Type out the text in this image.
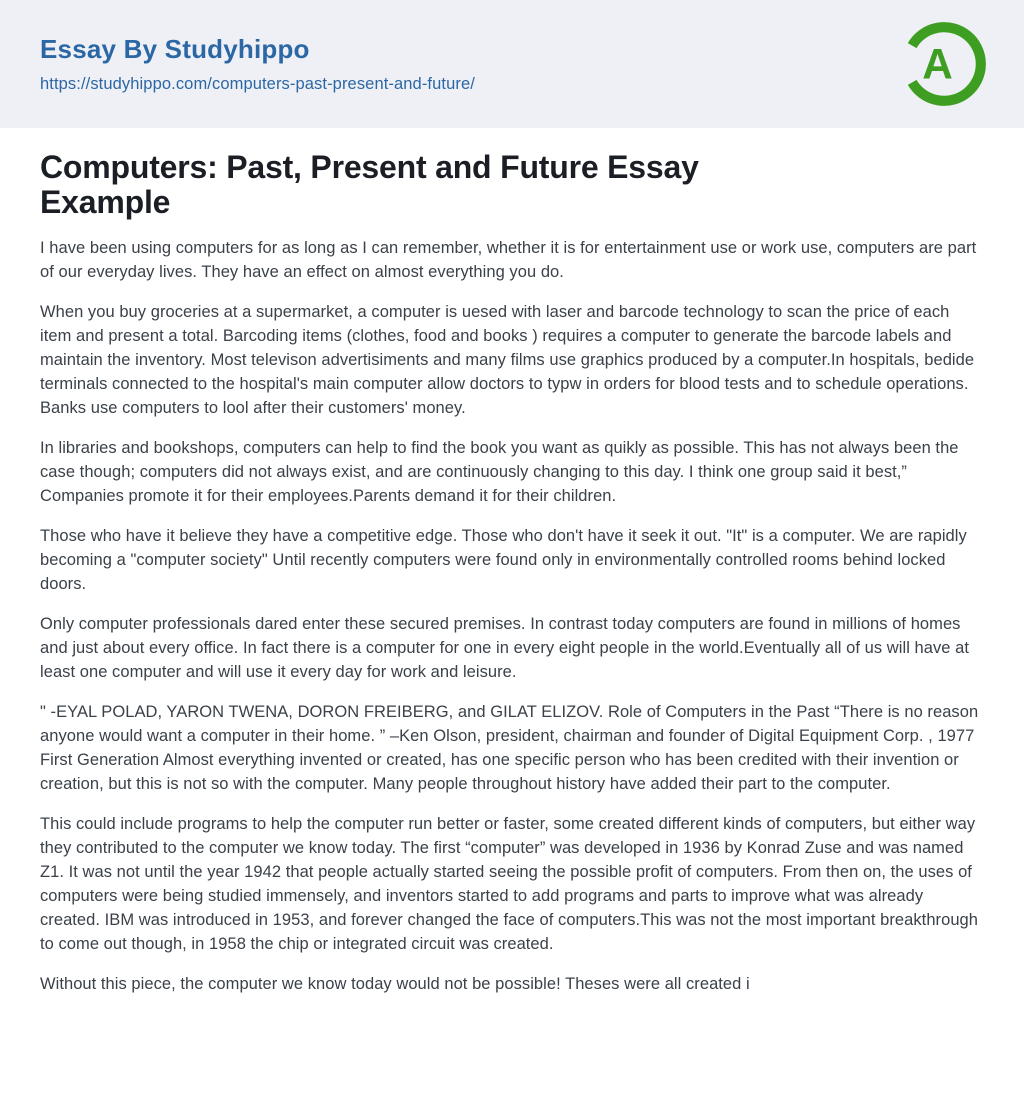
Essay By Studyhippo
https://studyhippo.com/computers-past-present-and-future/	A
Computers: Past, Present and Future Essay Example

I have been using computers for as long as I can remember, whether it is for entertainment use or work use, computers are part of our everyday lives. They have an effect on almost everything you do.

When you buy groceries at a supermarket, a computer is uesed with laser and barcode technology to scan the price of each item and present a total. Barcoding items (clothes, food and books ) requires a computer to generate the barcode labels and maintain the inventory. Most televison advertisiments and many films use graphics produced by a computer.In hospitals, bedide terminals connected to the hospital's main computer allow doctors to typw in orders for blood tests and to schedule operations. Banks use computers to lool after their customers' money.

In libraries and bookshops, computers can help to find the book you want as quikly as possible. This has not always been the case though; computers did not always exist, and are continuously changing to this day. I think one group said it best,” Companies promote it for their employees.Parents demand it for their children.

Those who have it believe they have a competitive edge. Those who don't have it seek it out. "It" is a computer. We are rapidly becoming a "computer society" Until recently computers were found only in environmentally controlled rooms behind locked doors.

Only computer professionals dared enter these secured premises. In contrast today computers are found in millions of homes and just about every office. In fact there is a computer for one in every eight people in the world.Eventually all of us will have at least one computer and will use it every day for work and leisure.

" -EYAL POLAD, YARON TWENA, DORON FREIBERG, and GILAT ELIZOV. Role of Computers in the Past “There is no reason anyone would want a computer in their home. ” –Ken Olson, president, chairman and founder of Digital Equipment Corp. , 1977 First Generation Almost everything invented or created, has one specific person who has been credited with their invention or creation, but this is not so with the computer. Many people throughout history have added their part to the computer.

This could include programs to help the computer run better or faster, some created different kinds of computers, but either way they contributed to the computer we know today. The first “computer” was developed in 1936 by Konrad Zuse and was named Z1. It was not until the year 1942 that people actually started seeing the possible profit of computers. From then on, the uses of computers were being studied immensely, and inventors started to add programs and parts to improve what was already created. IBM was introduced in 1953, and forever changed the face of computers.This was not the most important breakthrough to come out though, in 1958 the chip or integrated circuit was created.

Without this piece, the computer we know today would not be possible! Theses were all created i
